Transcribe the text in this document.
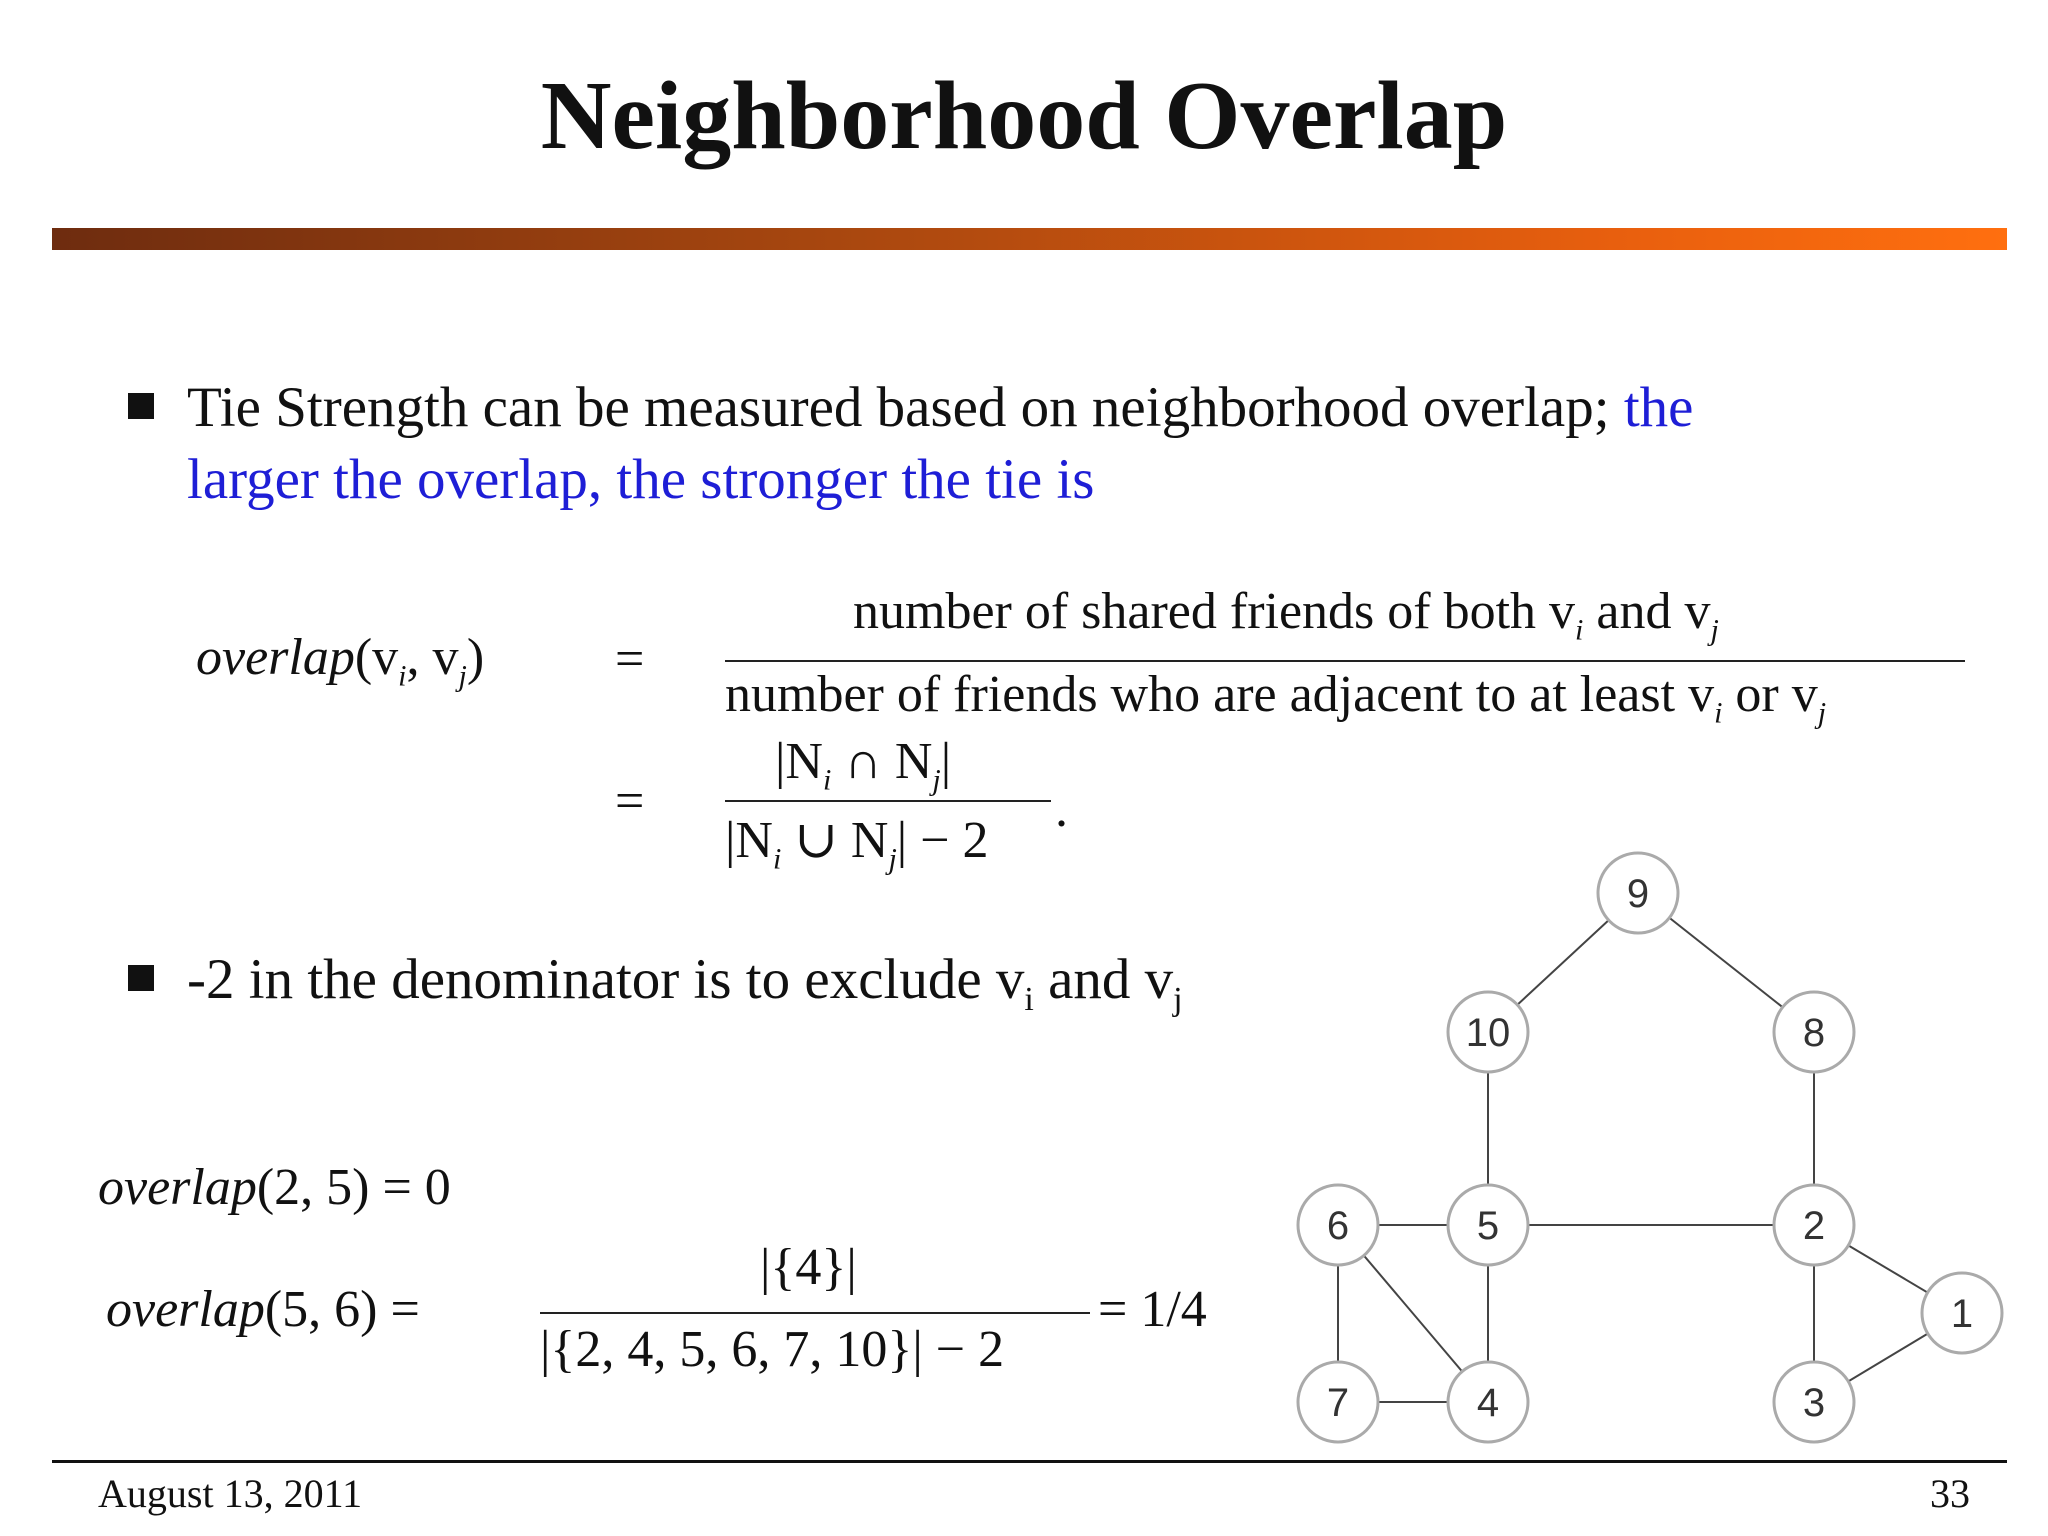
Neighborhood Overlap
Tie Strength can be measured based on neighborhood overlap; the
larger the overlap, the stronger the tie is
$overlap(v_i$, $v_j$)	=
number of shared friends of both $v_i$ and $v_j$
number of friends who are adjacent to at least $v_i$ or $v_j$
=
$|N_i$ ∩ $N_j|$
$|N_i$ ∪ $N_j| - 2$
.
-2 in the denominator is to exclude $v_i$ and $v_j$
overlap(2, 5) = 0
overlap(5, 6) =
|{4}|
|{2, 4, 5, 6, 7, 10}| − 2
= 1/4
9
10	8
6	5	2
1
7	4	3
August 13, 2011	33
